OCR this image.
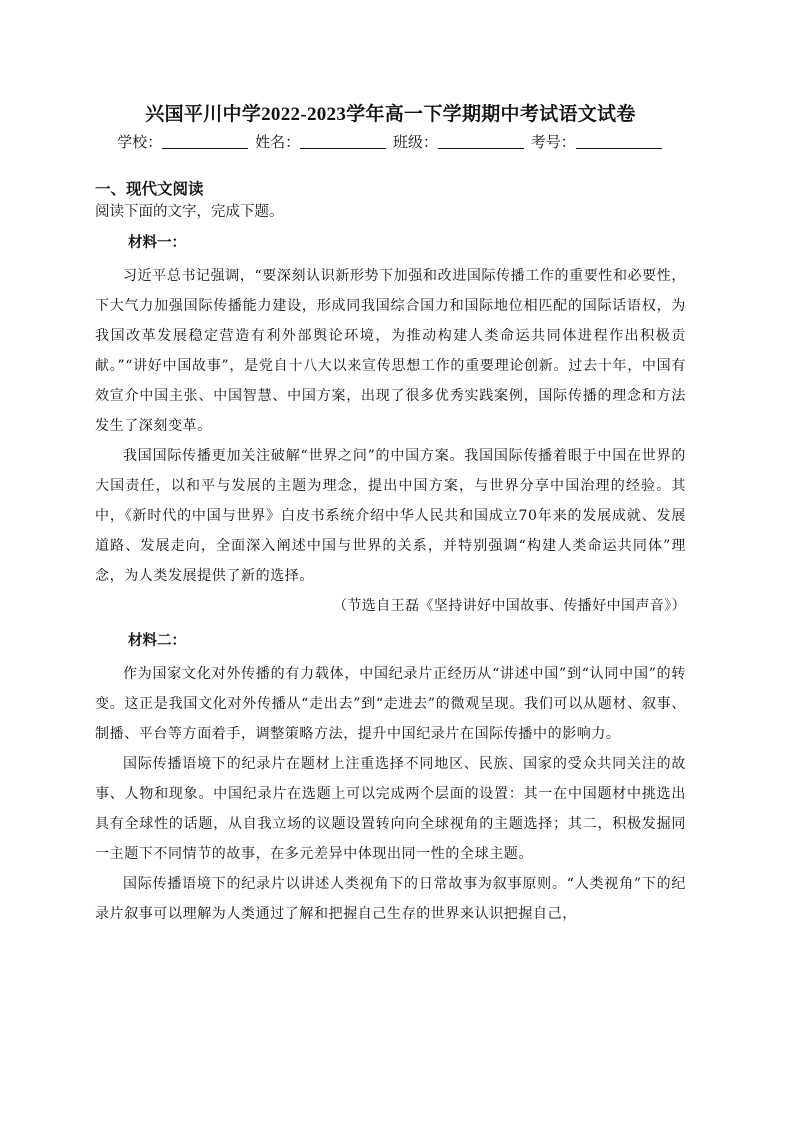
兴国平川中学2022-2023学年高一下学期期中考试语文试卷
学校：	姓名：	班级：	考号：
一、现代文阅读

阅读下面的文字，完成下题。

材料一：

习近平总书记强调，“要深刻认识新形势下加强和改进国际传播工作的重要性和必要性，下大气力加强国际传播能力建设，形成同我国综合国力和国际地位相匹配的国际话语权，为我国改革发展稳定营造有利外部舆论环境，为推动构建人类命运共同体进程作出积极贡献。”“讲好中国故事”，是党自十八大以来宣传思想工作的重要理论创新。过去十年，中国有效宣介中国主张、中国智慧、中国方案，出现了很多优秀实践案例，国际传播的理念和方法发生了深刻变革。

我国国际传播更加关注破解“世界之问”的中国方案。我国国际传播着眼于中国在世界的大国责任，以和平与发展的主题为理念，提出中国方案，与世界分享中国治理的经验。其中，《新时代的中国与世界》白皮书系统介绍中华人民共和国成立70年来的发展成就、发展道路、发展走向，全面深入阐述中国与世界的关系，并特别强调“构建人类命运共同体”理念，为人类发展提供了新的选择。

（节选自王磊《坚持讲好中国故事、传播好中国声音》）

材料二：

作为国家文化对外传播的有力载体，中国纪录片正经历从“讲述中国”到“认同中国”的转变。这正是我国文化对外传播从“走出去”到“走进去”的微观呈现。我们可以从题材、叙事、制播、平台等方面着手，调整策略方法，提升中国纪录片在国际传播中的影响力。

国际传播语境下的纪录片在题材上注重选择不同地区、民族、国家的受众共同关注的故事、人物和现象。中国纪录片在选题上可以完成两个层面的设置：其一在中国题材中挑选出具有全球性的话题，从自我立场的议题设置转向向全球视角的主题选择；其二，积极发掘同一主题下不同情节的故事，在多元差异中体现出同一性的全球主题。

国际传播语境下的纪录片以讲述人类视角下的日常故事为叙事原则。“人类视角”下的纪录片叙事可以理解为人类通过了解和把握自己生存的世界来认识把握自己，
